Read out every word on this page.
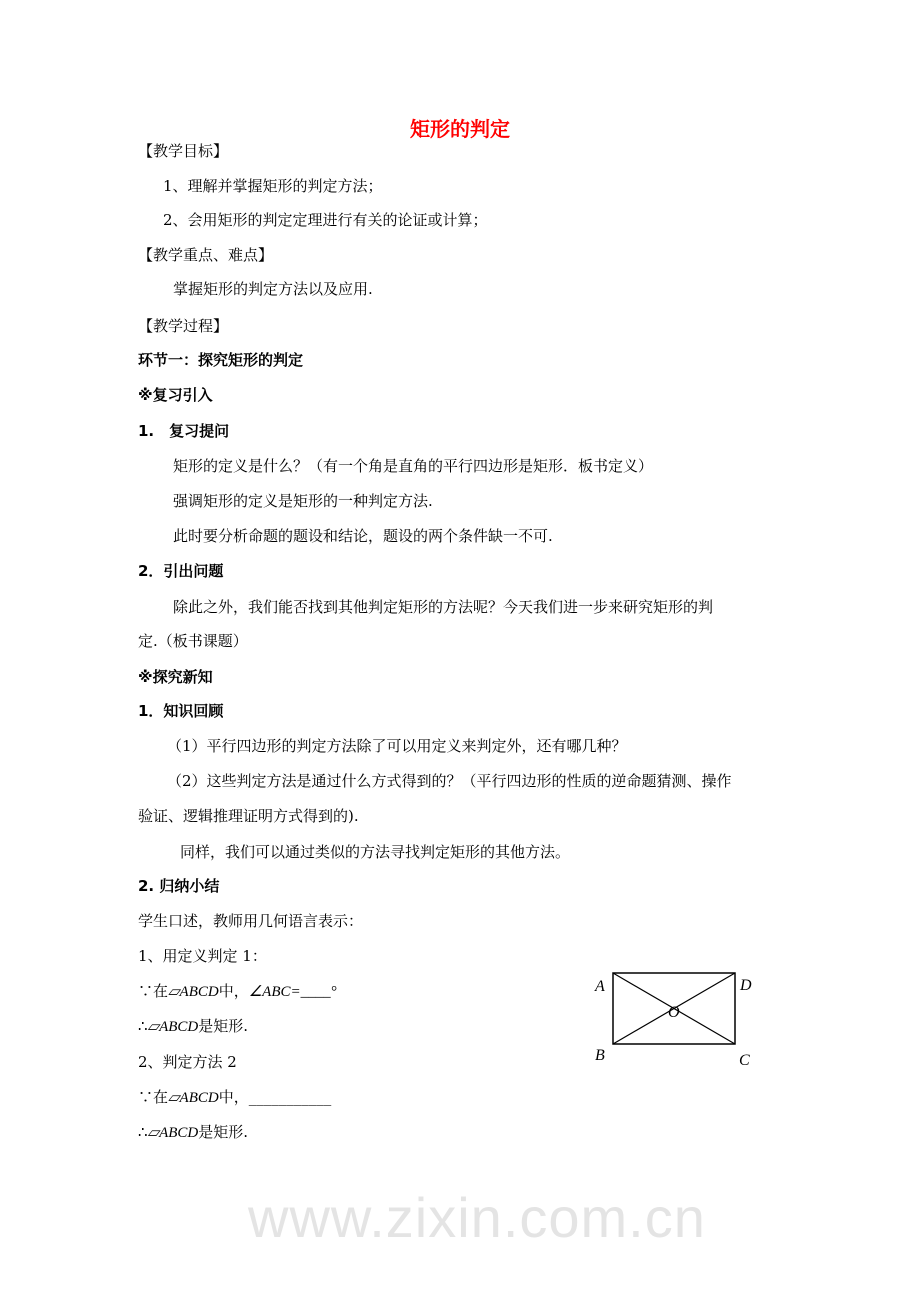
矩形的判定
www.zixin.com.cn
【教学目标】
1、理解并掌握矩形的判定方法；
2、会用矩形的判定定理进行有关的论证或计算；
【教学重点、难点】
掌握矩形的判定方法以及应用.
【教学过程】
环节一：探究矩形的判定
※复习引入
1.　复习提问
矩形的定义是什么？（有一个角是直角的平行四边形是矩形．板书定义）
强调矩形的定义是矩形的一种判定方法.
此时要分析命题的题设和结论，题设的两个条件缺一不可.
2．引出问题
除此之外，我们能否找到其他判定矩形的方法呢？今天我们进一步来研究矩形的判
定.（板书课题）
※探究新知
1．知识回顾
（1）平行四边形的判定方法除了可以用定义来判定外，还有哪几种？
（2）这些判定方法是通过什么方式得到的？（平行四边形的性质的逆命题猜测、操作
验证、逻辑推理证明方式得到的).
同样，我们可以通过类似的方法寻找判定矩形的其他方法。
2. 归纳小结
学生口述，教师用几何语言表示：
1、用定义判定 1：
∵在▱ABCD中，∠ABC=____°
∴▱ABCD是矩形.
2、判定方法 2
∵在▱ABCD中，___________
∴▱ABCD是矩形.
A	D
B	C
O
